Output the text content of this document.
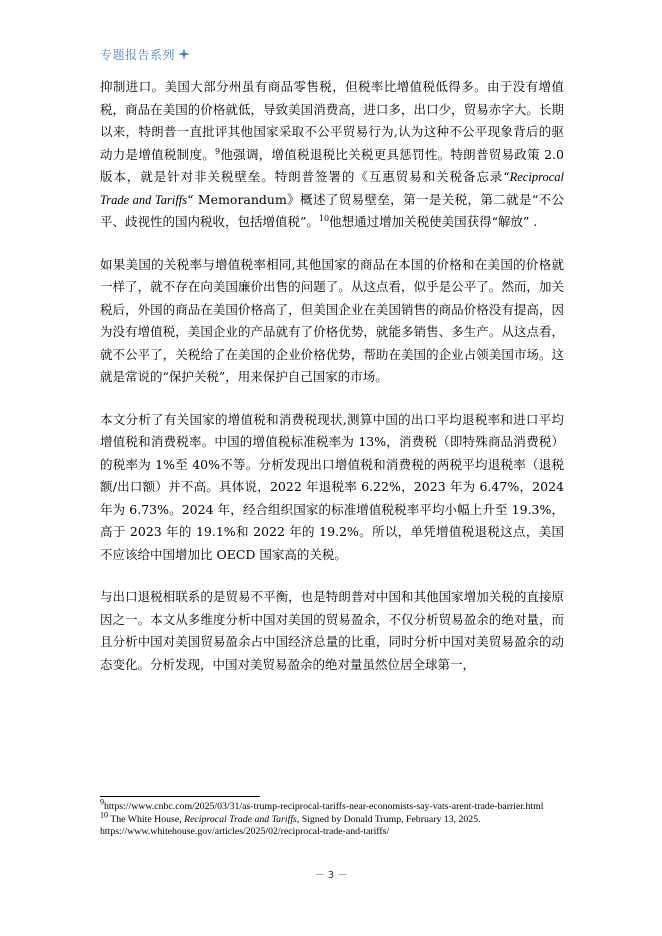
专题报告系列

抑制进口。美国大部分州虽有商品零售税，但税率比增值税低得多。由于没有增值税，商品在美国的价格就低，导致美国消费高，进口多，出口少，贸易赤字大。长期以来，特朗普一直批评其他国家采取不公平贸易行为,认为这种不公平现象背后的驱动力是增值税制度。$^9$他强调，增值税退税比关税更具惩罚性。特朗普贸易政策 2.0 版本，就是针对非关税壁垒。特朗普签署的《互惠贸易和关税备忘录“Reciprocal Trade and Tariffs“ Memorandum》概述了贸易壁垒，第一是关税，第二就是“不公平、歧视性的国内税收，包括增值税”。$^{10}$他想通过增加关税使美国获得“解放” .

如果美国的关税率与增值税率相同,其他国家的商品在本国的价格和在美国的价格就一样了，就不存在向美国廉价出售的问题了。从这点看，似乎是公平了。然而，加关税后，外国的商品在美国价格高了，但美国企业在美国销售的商品价格没有提高，因为没有增值税，美国企业的产品就有了价格优势，就能多销售、多生产。从这点看，就不公平了，关税给了在美国的企业价格优势，帮助在美国的企业占领美国市场。这就是常说的“保护关税”，用来保护自己国家的市场。

本文分析了有关国家的增值税和消费税现状,测算中国的出口平均退税率和进口平均增值税和消费税率。中国的增值税标准税率为 13%，消费税（即特殊商品消费税）的税率为 1%至 40%不等。分析发现出口增值税和消费税的两税平均退税率（退税额/出口额）并不高。具体说，2022 年退税率 6.22%，2023 年为 6.47%，2024 年为 6.73%。2024 年，经合组织国家的标准增值税税率平均小幅上升至 19.3%，高于 2023 年的 19.1%和 2022 年的 19.2%。所以，单凭增值税退税这点，美国不应该给中国增加比 OECD 国家高的关税。

与出口退税相联系的是贸易不平衡，也是特朗普对中国和其他国家增加关税的直接原因之一。本文从多维度分析中国对美国的贸易盈余，不仅分析贸易盈余的绝对量，而且分析中国对美国贸易盈余占中国经济总量的比重，同时分析中国对美贸易盈余的动态变化。分析发现，中国对美贸易盈余的绝对量虽然位居全球第一，

$^9$https://www.cnbc.com/2025/03/31/as-trump-reciprocal-tariffs-near-economists-say-vats-arent-trade-barrier.html

$^{10}$ The White House, Reciprocal Trade and Tariffs, Signed by Donald Trump, February 13, 2025.
https://www.whitehouse.gov/articles/2025/02/reciprocal-trade-and-tariffs/

－ 3 －
